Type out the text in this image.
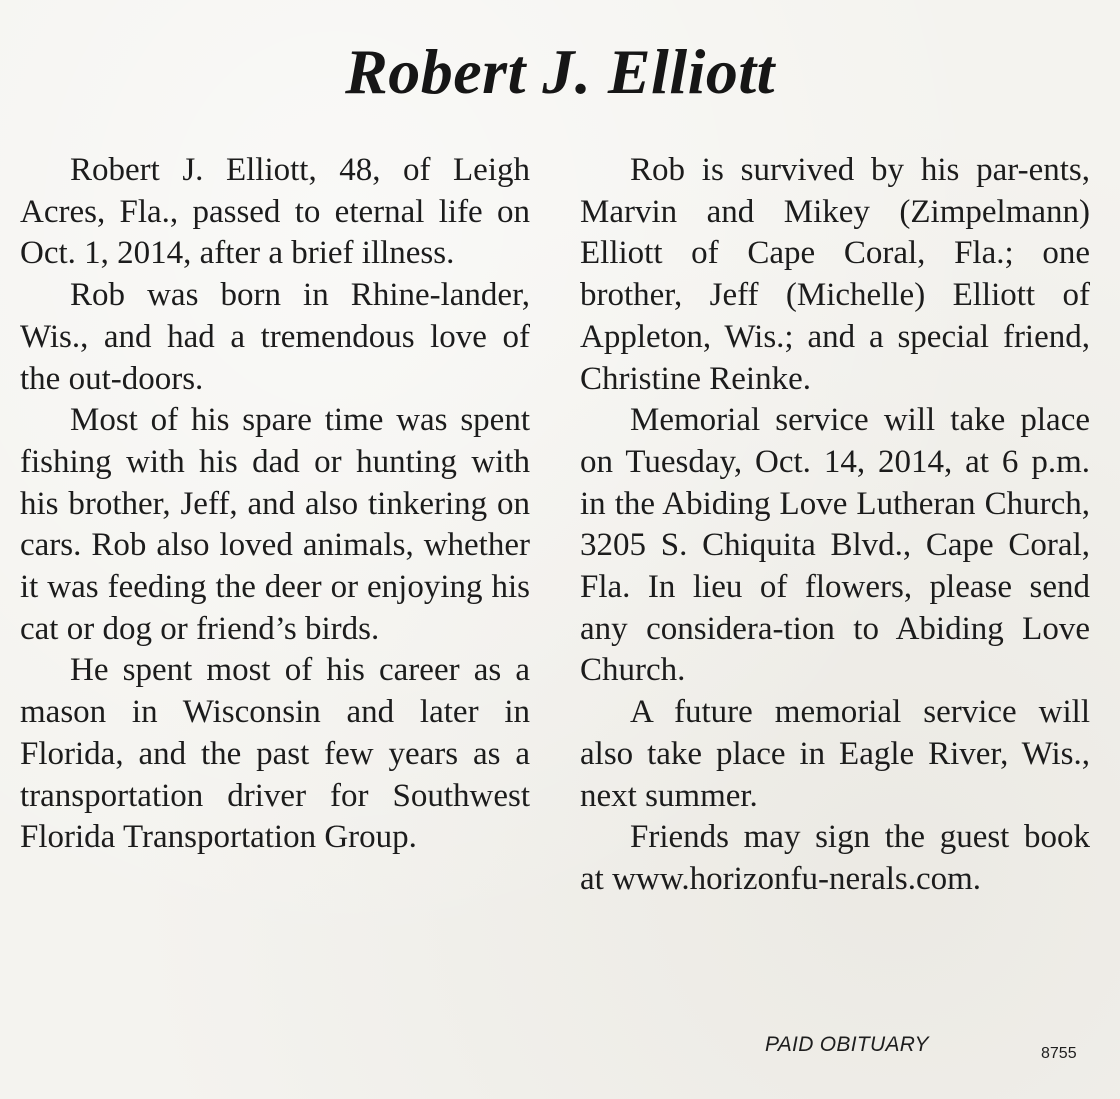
Robert J. Elliott

Robert J. Elliott, 48, of Leigh Acres, Fla., passed to eternal life on Oct. 1, 2014, after a brief illness.

Rob was born in Rhine-lander, Wis., and had a tremendous love of the out-doors.

Most of his spare time was spent fishing with his dad or hunting with his brother, Jeff, and also tinkering on cars. Rob also loved animals, whether it was feeding the deer or enjoying his cat or dog or friend’s birds.

He spent most of his career as a mason in Wisconsin and later in Florida, and the past few years as a transportation driver for Southwest Florida Transportation Group.

Rob is survived by his par-ents, Marvin and Mikey (Zimpelmann) Elliott of Cape Coral, Fla.; one brother, Jeff (Michelle) Elliott of Appleton, Wis.; and a special friend, Christine Reinke.

Memorial service will take place on Tuesday, Oct. 14, 2014, at 6 p.m. in the Abiding Love Lutheran Church, 3205 S. Chiquita Blvd., Cape Coral, Fla. In lieu of flowers, please send any considera-tion to Abiding Love Church.

A future memorial service will also take place in Eagle River, Wis., next summer.

Friends may sign the guest book at www.horizonfu-nerals.com.

PAID OBITUARY	8755
